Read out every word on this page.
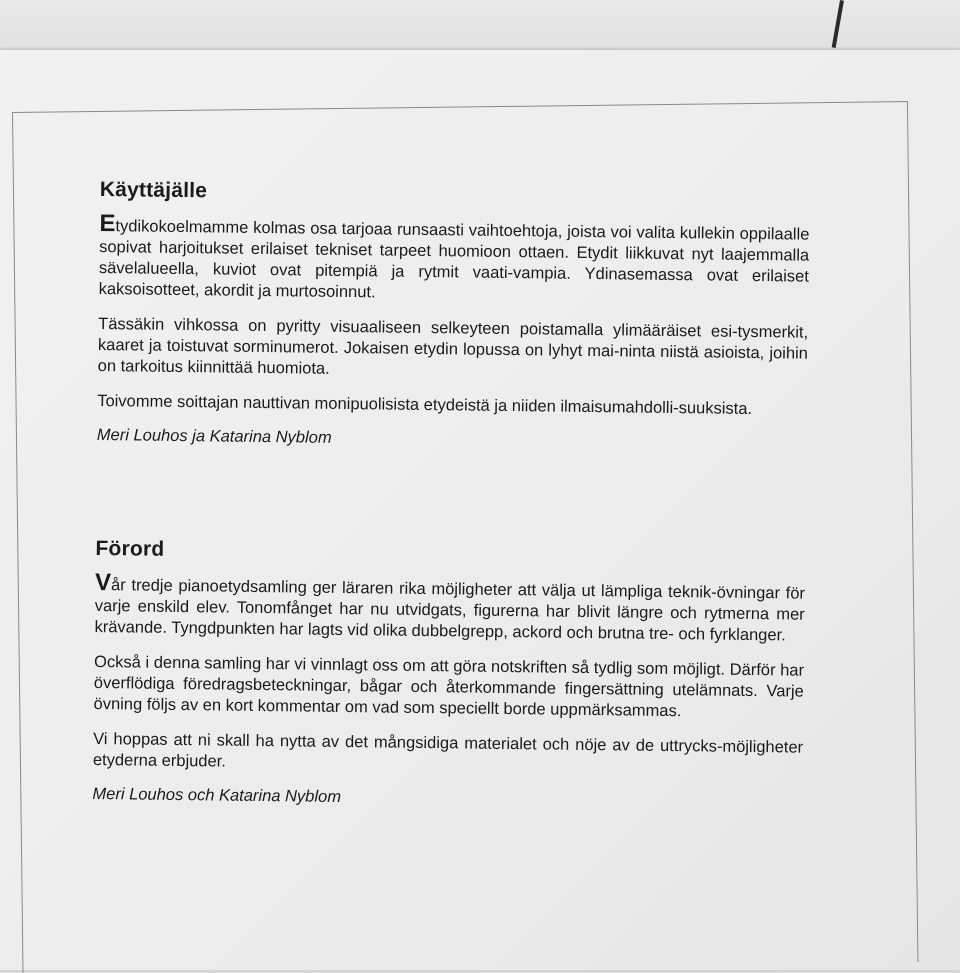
Käyttäjälle

Etydikokoelmamme kolmas osa tarjoaa runsaasti vaihtoehtoja, joista voi valita kullekin oppilaalle sopivat harjoitukset erilaiset tekniset tarpeet huomioon ottaen. Etydit liikkuvat nyt laajemmalla sävelalueella, kuviot ovat pitempiä ja rytmit vaati-vampia. Ydinasemassa ovat erilaiset kaksoisotteet, akordit ja murtosoinnut.

Tässäkin vihkossa on pyritty visuaaliseen selkeyteen poistamalla ylimääräiset esi-tysmerkit, kaaret ja toistuvat sorminumerot. Jokaisen etydin lopussa on lyhyt mai-ninta niistä asioista, joihin on tarkoitus kiinnittää huomiota.

Toivomme soittajan nauttivan monipuolisista etydeistä ja niiden ilmaisumahdolli-suuksista.

Meri Louhos ja Katarina Nyblom

Förord

Vår tredje pianoetydsamling ger läraren rika möjligheter att välja ut lämpliga teknik-övningar för varje enskild elev. Tonomfånget har nu utvidgats, figurerna har blivit längre och rytmerna mer krävande. Tyngdpunkten har lagts vid olika dubbelgrepp, ackord och brutna tre- och fyrklanger.

Också i denna samling har vi vinnlagt oss om att göra notskriften så tydlig som möjligt. Därför har överflödiga föredragsbeteckningar, bågar och återkommande fingersättning utelämnats. Varje övning följs av en kort kommentar om vad som speciellt borde uppmärksammas.

Vi hoppas att ni skall ha nytta av det mångsidiga materialet och nöje av de uttrycks-möjligheter etyderna erbjuder.

Meri Louhos och Katarina Nyblom
